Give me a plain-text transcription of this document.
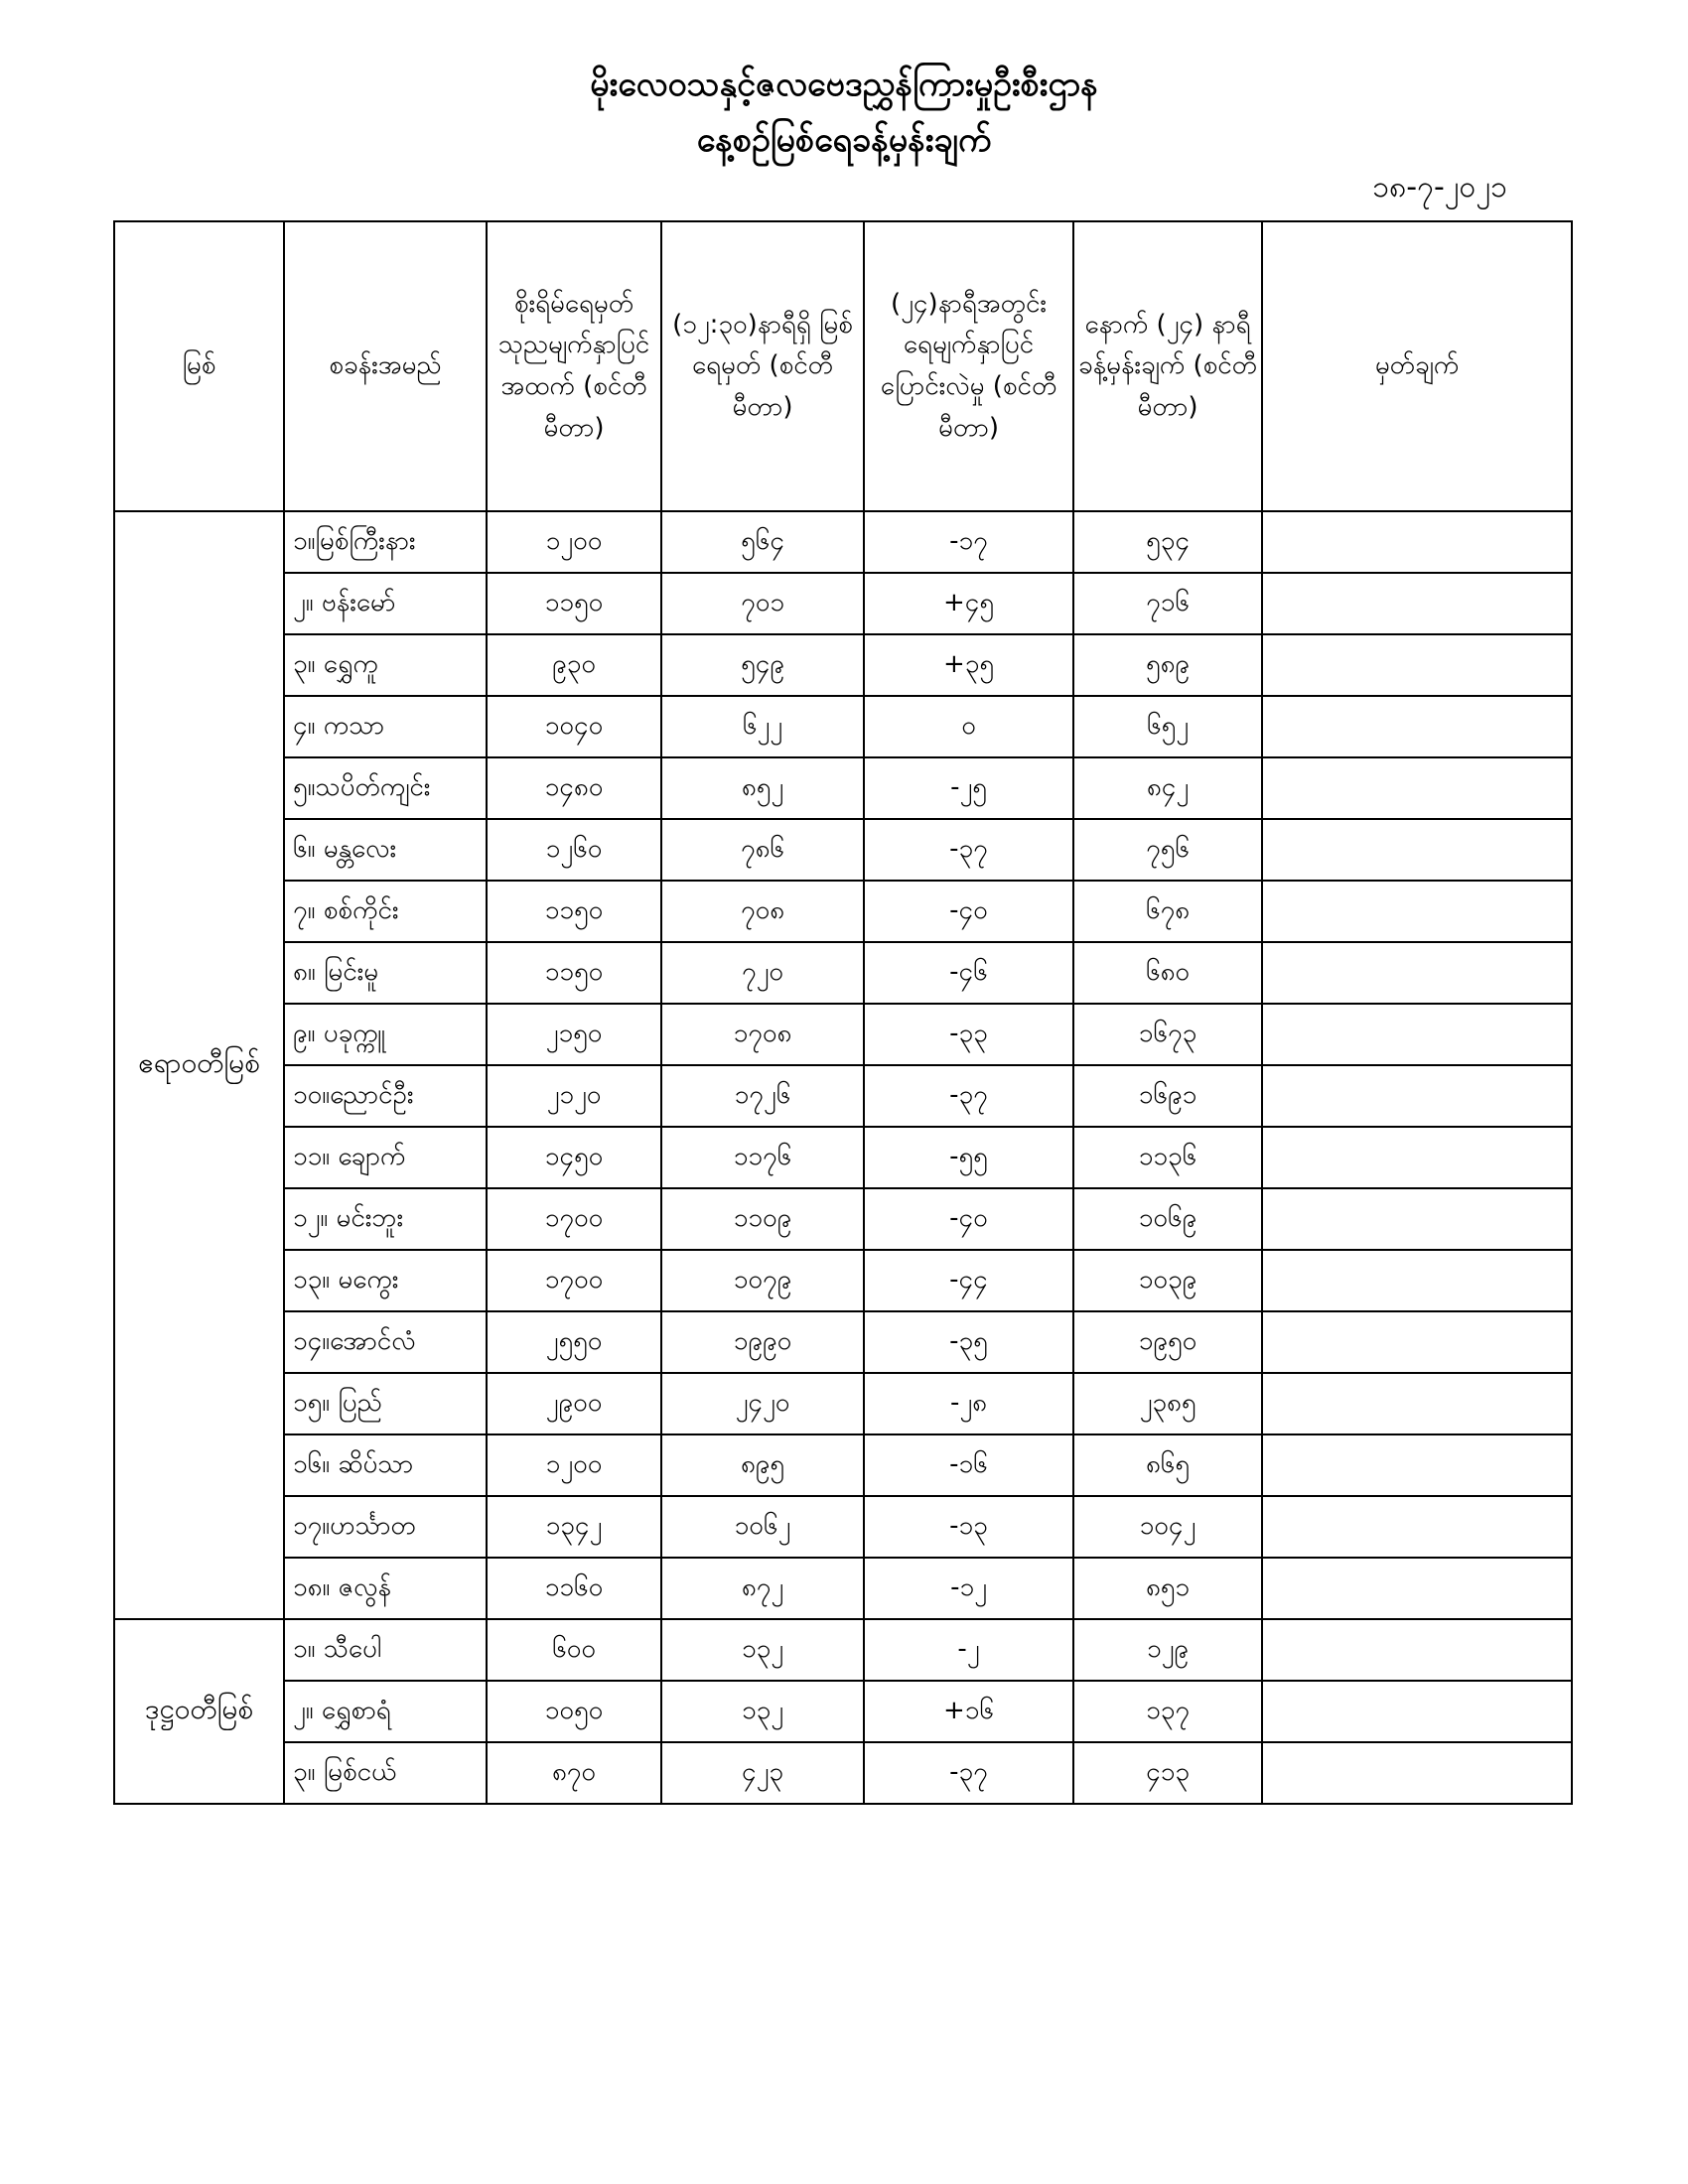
မိုးလေဝသနှင့်ဇလဗေဒညွှန်ကြားမှုဦးစီးဌာန
နေ့စဉ်မြစ်ရေခန့်မှန်းချက်
၁၈-၇-၂၀၂၁
မြစ်	စခန်းအမည်	စိုးရိမ်ရေမှတ် သုညမျက်နှာပြင် အထက် (စင်တီမီတာ)	(၁၂:၃၀)နာရီရှိ မြစ်ရေမှတ် (စင်တီမီတာ)	(၂၄)နာရီအတွင်း ရေမျက်နှာပြင် ပြောင်းလဲမှု (စင်တီမီတာ)	နောက် (၂၄) နာရီ ခန့်မှန်းချက် (စင်တီမီတာ)	မှတ်ချက်
ဧရာဝတီမြစ်	၁။မြစ်ကြီးနား	၁၂၀၀	၅၆၄	-၁၇	၅၃၄	
	၂။ ဗန်းမော်	၁၁၅၀	၇၀၁	+၄၅	၇၁၆	
	၃။ ရွှေကူ	၉၃၀	၅၄၉	+၃၅	၅၈၉	
	၄။ ကသာ	၁၀၄၀	၆၂၂	၀	၆၅၂	
	၅။သပိတ်ကျင်း	၁၄၈၀	၈၅၂	-၂၅	၈၄၂	
	၆။ မန္တလေး	၁၂၆၀	၇၈၆	-၃၇	၇၅၆	
	၇။ စစ်ကိုင်း	၁၁၅၀	၇၀၈	-၄၀	၆၇၈	
	၈။ မြင်းမူ	၁၁၅၀	၇၂၀	-၄၆	၆၈၀	
	၉။ ပခုက္ကူ	၂၁၅၀	၁၇၀၈	-၃၃	၁၆၇၃	
	၁၀။ညောင်ဦး	၂၁၂၀	၁၇၂၆	-၃၇	၁၆၉၁	
	၁၁။ ချောက်	၁၄၅၀	၁၁၇၆	-၅၅	၁၁၃၆	
	၁၂။ မင်းဘူး	၁၇၀၀	၁၁၀၉	-၄၀	၁၀၆၉	
	၁၃။ မကွေး	၁၇၀၀	၁၀၇၉	-၄၄	၁၀၃၉	
	၁၄။အောင်လံ	၂၅၅၀	၁၉၉၀	-၃၅	၁၉၅၀	
	၁၅။ ပြည်	၂၉၀၀	၂၄၂၀	-၂၈	၂၃၈၅	
	၁၆။ ဆိပ်သာ	၁၂၀၀	၈၉၅	-၁၆	၈၆၅	
	၁၇။ဟင်္သာတ	၁၃၄၂	၁၀၆၂	-၁၃	၁၀၄၂	
	၁၈။ ဇလွန်	၁၁၆၀	၈၇၂	-၁၂	၈၅၁	
ဒုဋ္ဌဝတီမြစ်	၁။ သီပေါ	၆၀၀	၁၃၂	-၂	၁၂၉	
	၂။ ရွှေစာရံ	၁၀၅၀	၁၃၂	+၁၆	၁၃၇	
	၃။ မြစ်ငယ်	၈၇၀	၄၂၃	-၃၇	၄၁၃	
